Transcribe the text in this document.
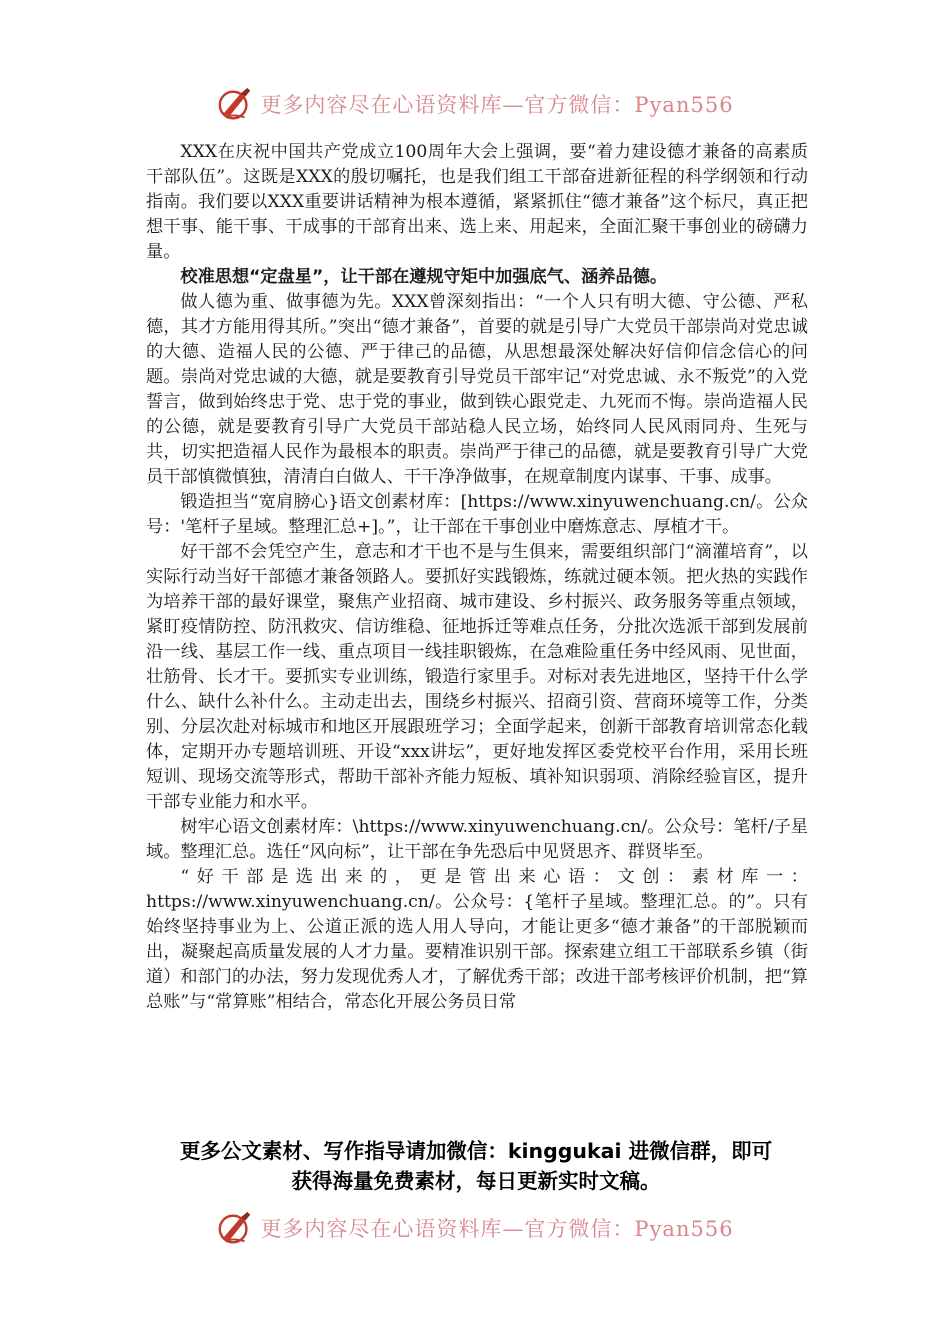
更多内容尽在心语资料库—官方微信：Pyan556

XXX在庆祝中国共产党成立100周年大会上强调，要“着力建设德才兼备的高素质干部队伍”。这既是XXX的殷切嘱托，也是我们组工干部奋进新征程的科学纲领和行动指南。我们要以XXX重要讲话精神为根本遵循，紧紧抓住“德才兼备”这个标尺，真正把想干事、能干事、干成事的干部育出来、选上来、用起来，全面汇聚干事创业的磅礴力量。

校准思想“定盘星”，让干部在遵规守矩中加强底气、涵养品德。

做人德为重、做事德为先。XXX曾深刻指出：“一个人只有明大德、守公德、严私德，其才方能用得其所。”突出“德才兼备”，首要的就是引导广大党员干部崇尚对党忠诚的大德、造福人民的公德、严于律己的品德，从思想最深处解决好信仰信念信心的问题。崇尚对党忠诚的大德，就是要教育引导党员干部牢记“对党忠诚、永不叛党”的入党誓言，做到始终忠于党、忠于党的事业，做到铁心跟党走、九死而不悔。崇尚造福人民的公德，就是要教育引导广大党员干部站稳人民立场，始终同人民风雨同舟、生死与共，切实把造福人民作为最根本的职责。崇尚严于律己的品德，就是要教育引导广大党员干部慎微慎独，清清白白做人、干干净净做事，在规章制度内谋事、干事、成事。

锻造担当“宽肩膀心}语文创素材库：[https://www.xinyuwenchuang.cn/。公众号：'笔杆子星域。整理汇总+]。”，让干部在干事创业中磨炼意志、厚植才干。

好干部不会凭空产生，意志和才干也不是与生俱来，需要组织部门“滴灌培育”，以实际行动当好干部德才兼备领路人。要抓好实践锻炼，练就过硬本领。把火热的实践作为培养干部的最好课堂，聚焦产业招商、城市建设、乡村振兴、政务服务等重点领域，紧盯疫情防控、防汛救灾、信访维稳、征地拆迁等难点任务，分批次选派干部到发展前沿一线、基层工作一线、重点项目一线挂职锻炼，在急难险重任务中经风雨、见世面，壮筋骨、长才干。要抓实专业训练，锻造行家里手。对标对表先进地区，坚持干什么学什么、缺什么补什么。主动走出去，围绕乡村振兴、招商引资、营商环境等工作，分类别、分层次赴对标城市和地区开展跟班学习；全面学起来，创新干部教育培训常态化载体，定期开办专题培训班、开设“xxx讲坛”，更好地发挥区委党校平台作用，采用长班短训、现场交流等形式，帮助干部补齐能力短板、填补知识弱项、消除经验盲区，提升干部专业能力和水平。

树牢心语文创素材库：\https://www.xinyuwenchuang.cn/。公众号：笔杆/子星域。整理汇总。选任“风向标”，让干部在争先恐后中见贤思齐、群贤毕至。

“好干部是选出来的，更是管出来心语：文创：素材库一：https://www.xinyuwenchuang.cn/。公众号：{笔杆子星域。整理汇总。的”。只有始终坚持事业为上、公道正派的选人用人导向，才能让更多“德才兼备”的干部脱颖而出，凝聚起高质量发展的人才力量。要精准识别干部。探索建立组工干部联系乡镇（街道）和部门的办法，努力发现优秀人才，了解优秀干部；改进干部考核评价机制，把“算总账”与“常算账”相结合，常态化开展公务员日常

更多公文素材、写作指导请加微信：kinggukai 进微信群，即可
获得海量免费素材，每日更新实时文稿。
更多内容尽在心语资料库—官方微信：Pyan556
